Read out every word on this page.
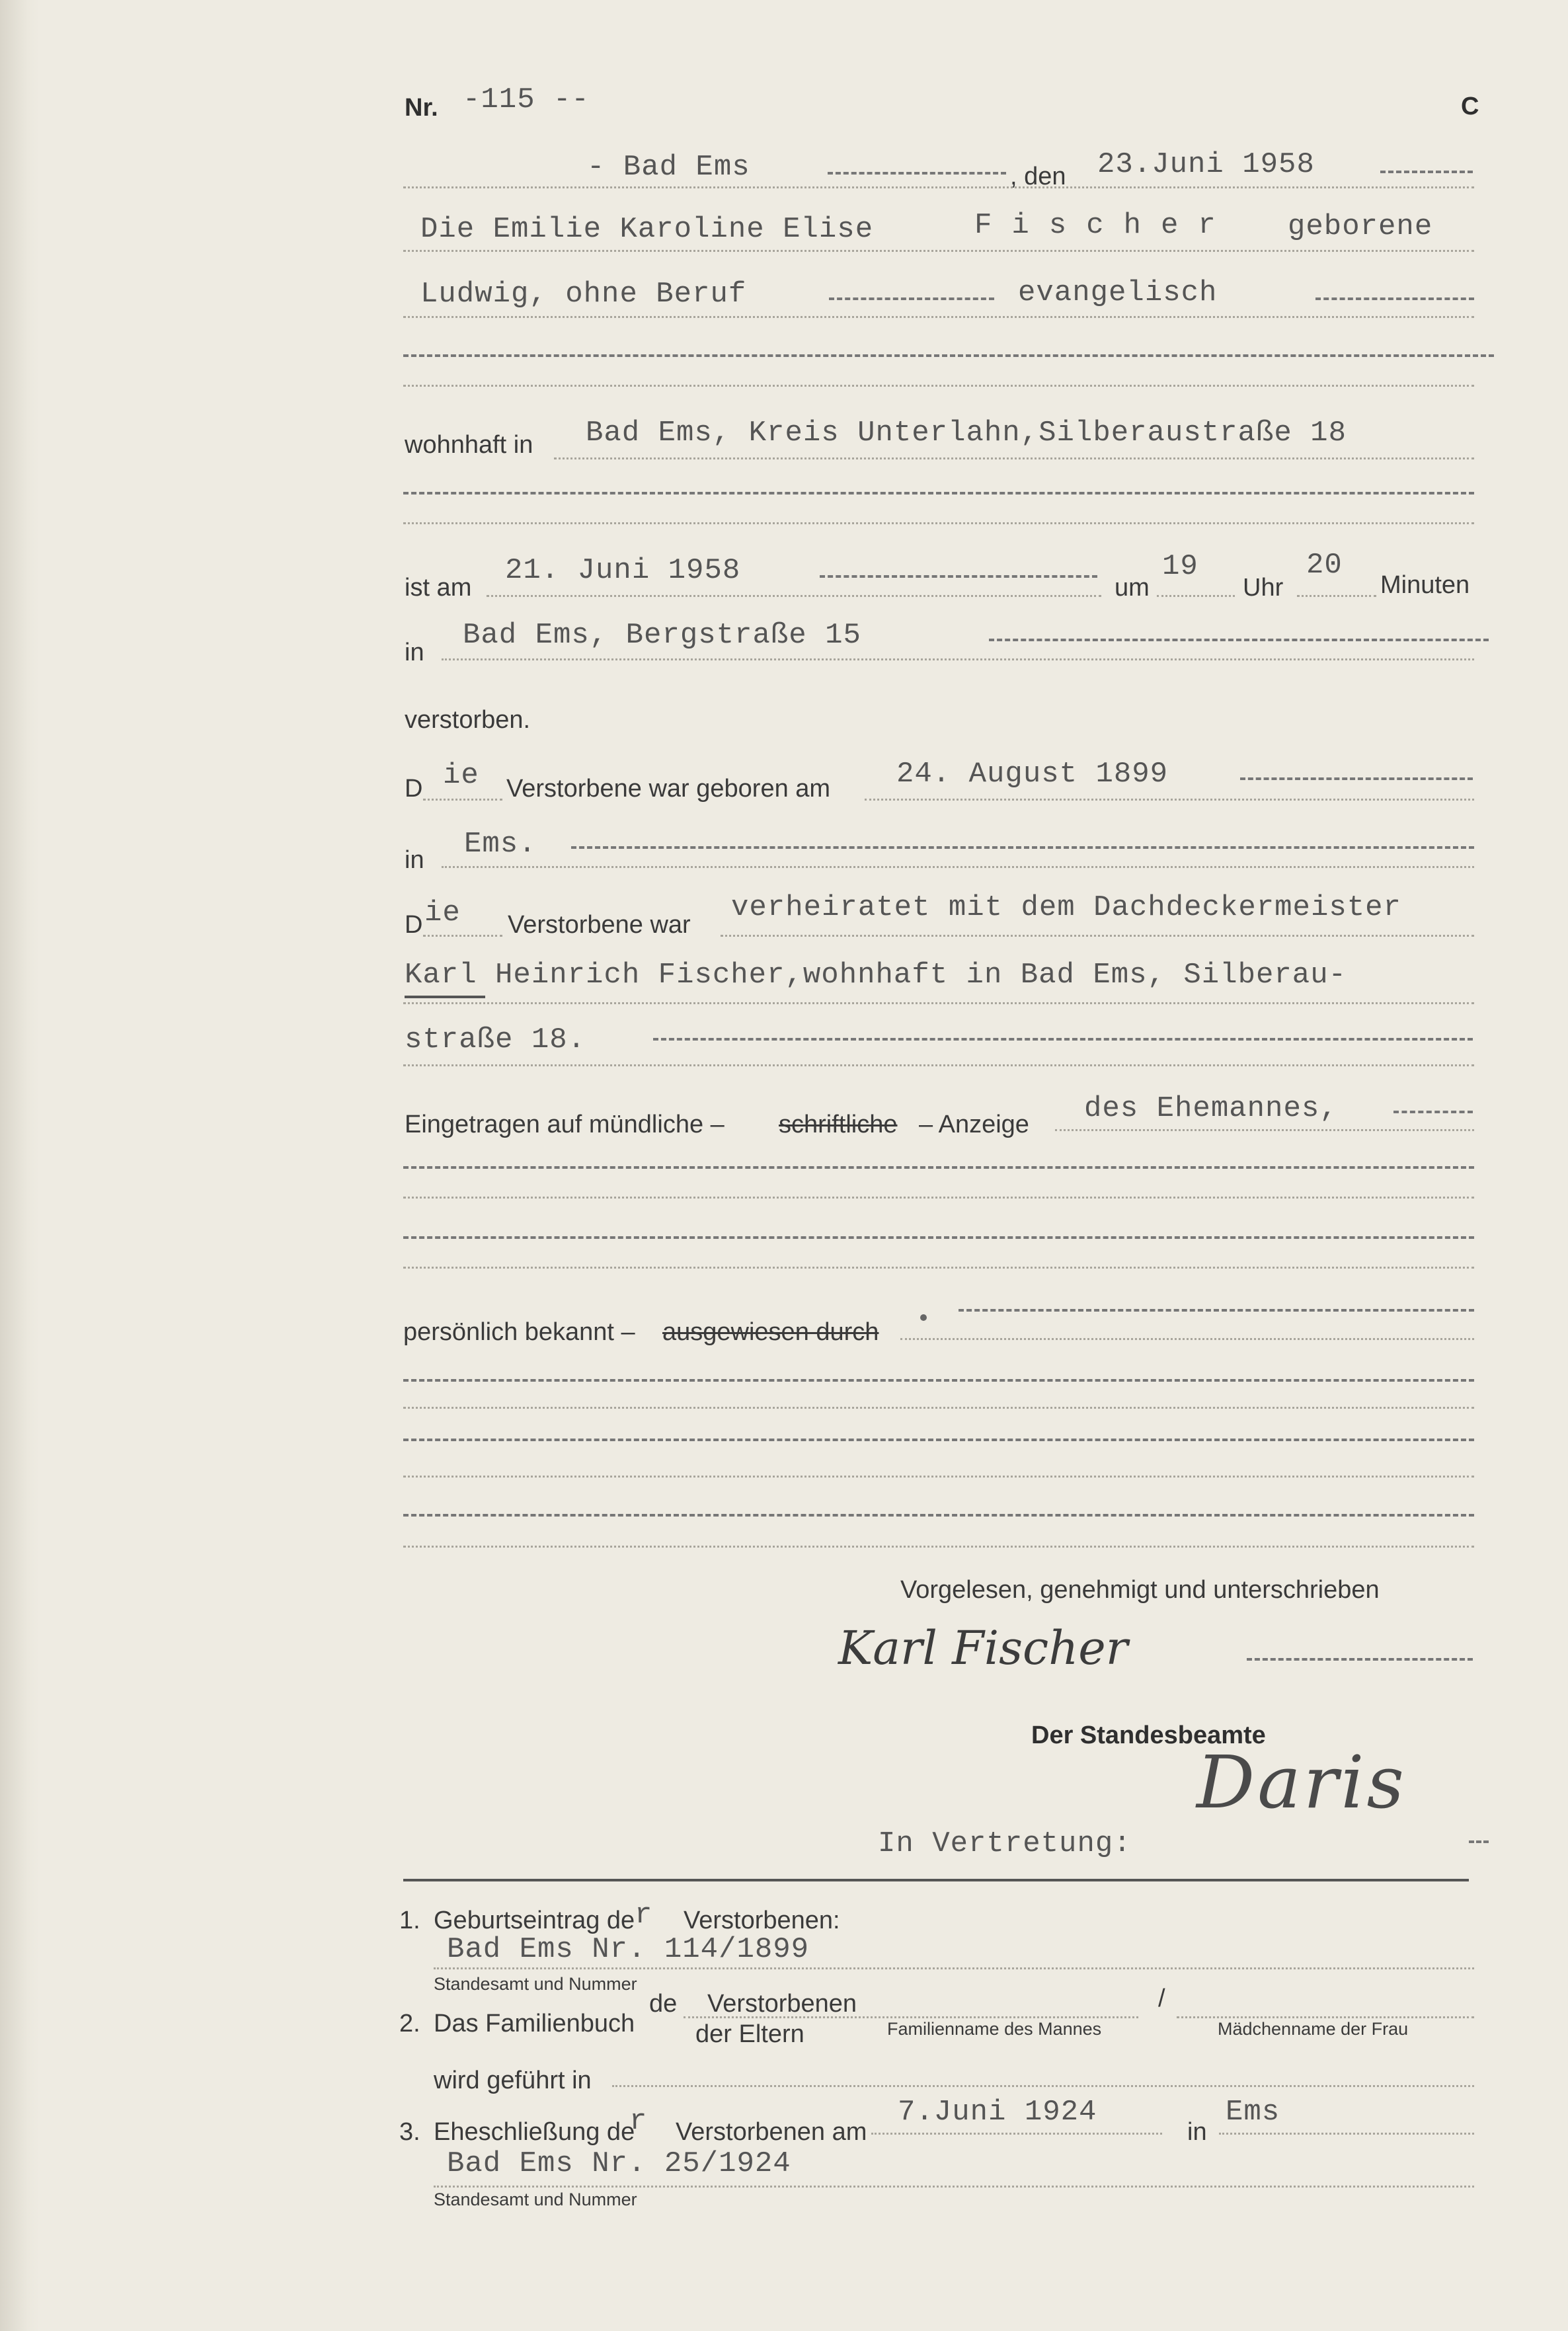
Nr. -115 --	C
- Bad Ems	, den 23.Juni 1958
Die Emilie Karoline Elise	Fischer geborene
Ludwig, ohne Beruf	evangelisch
wohnhaft in Bad Ems, Kreis Unterlahn,Silberaustraße 18
ist am
21. Juni 1958
um
19
Uhr
20
Minuten
in
Bad Ems, Bergstraße 15
verstorben.
D ie Verstorbene war geboren am 24. August 1899
in Ems.
D ie Verstorbene war
verheiratet mit dem Dachdeckermeister
Karl Heinrich Fischer,wohnhaft in Bad Ems, Silberau-
straße 18.
Eingetragen auf mündliche – schriftliche – Anzeige des Ehemannes,
persönlich bekannt – ausgewiesen durch
Vorgelesen, genehmigt und unterschrieben
Karl Fischer
Der Standesbeamte
Daris
In Vertretung:
1. Geburtseintrag de r Verstorbenen:
Bad Ems Nr. 114/1899
Standesamt und Nummer
2. Das Familienbuch
de Verstorbenen
der Eltern
/
Familienname des Mannes	Mädchenname der Frau
wird geführt in
3. Eheschließung de
r Verstorbenen am
7.Juni 1924
in
Ems
Bad Ems Nr. 25/1924
Standesamt und Nummer
